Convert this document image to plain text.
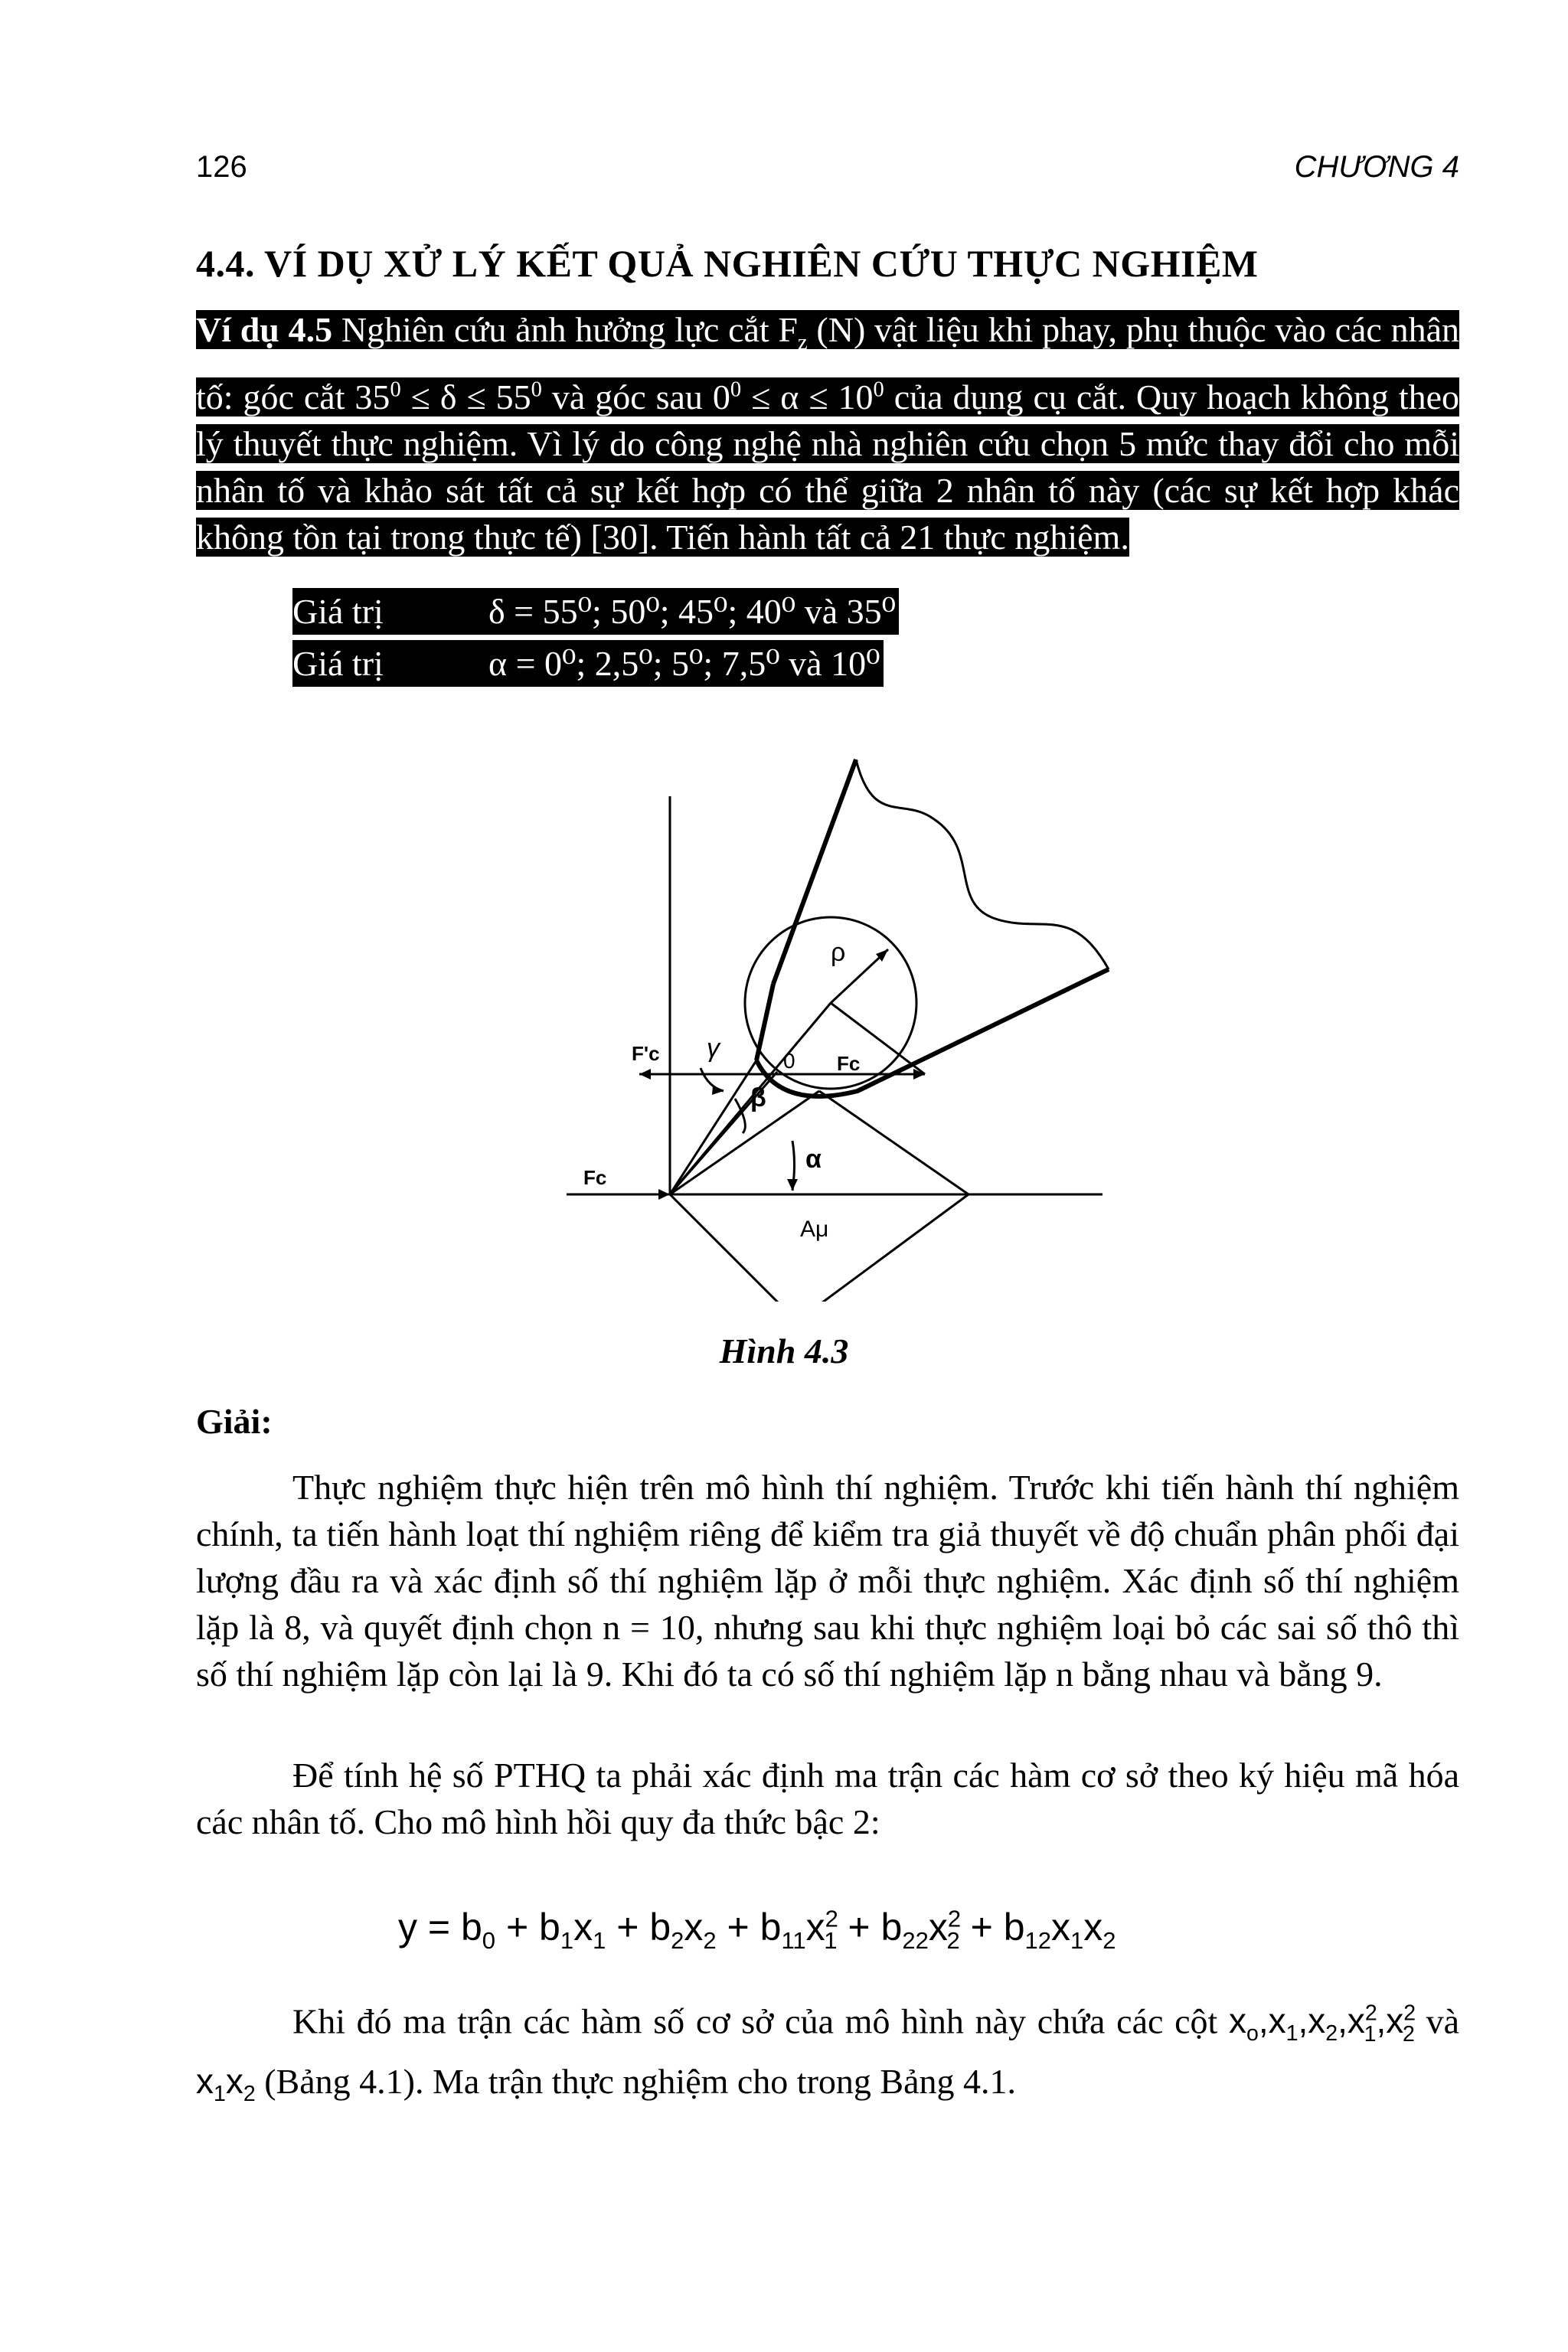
126	CHƯƠNG 4
4.4. VÍ DỤ XỬ LÝ KẾT QUẢ NGHIÊN CỨU THỰC NGHIỆM
Ví dụ 4.5 Nghiên cứu ảnh hưởng lực cắt $F_z$ (N) vật liệu khi phay, phụ thuộc vào các nhân tố: góc cắt $35^0 \le \delta \le 55^0$ và góc sau $0^0 \le \alpha \le 10^0$ của dụng cụ cắt. Quy hoạch không theo lý thuyết thực nghiệm. Vì lý do công nghệ nhà nghiên cứu chọn 5 mức thay đổi cho mỗi nhân tố và khảo sát tất cả sự kết hợp có thể giữa 2 nhân tố này (các sự kết hợp khác không tồn tại trong thực tế) [30]. Tiến hành tất cả 21 thực nghiệm.
Giá trị	δ = 55⁰; 50⁰; 45⁰; 40⁰ và 35⁰
Giá trị	α = 0⁰; 2,5⁰; 5⁰; 7,5⁰ và 10⁰
ρ
γ
F'c	0 Fc
β
α
Fc
Aμ
Hình 4.3
Giải:
Thực nghiệm thực hiện trên mô hình thí nghiệm. Trước khi tiến hành thí nghiệm chính, ta tiến hành loạt thí nghiệm riêng để kiểm tra giả thuyết về độ chuẩn phân phối đại lượng đầu ra và xác định số thí nghiệm lặp ở mỗi thực nghiệm. Xác định số thí nghiệm lặp là 8, và quyết định chọn n = 10, nhưng sau khi thực nghiệm loại bỏ các sai số thô thì số thí nghiệm lặp còn lại là 9. Khi đó ta có số thí nghiệm lặp n bằng nhau và bằng 9.
Để tính hệ số PTHQ ta phải xác định ma trận các hàm cơ sở theo ký hiệu mã hóa các nhân tố. Cho mô hình hồi quy đa thức bậc 2:
$y = b_0 + b_1x_1 + b_2x_2 + b_{11}x^2_1 + b_{22}x^2_2 + b_{12}x_1x_2$
Khi đó ma trận các hàm số cơ sở của mô hình này chứa các cột $x_o,x_1,x_2,x^2_1,x^2_2$ và $x_1x_2$ (Bảng 4.1). Ma trận thực nghiệm cho trong Bảng 4.1.
